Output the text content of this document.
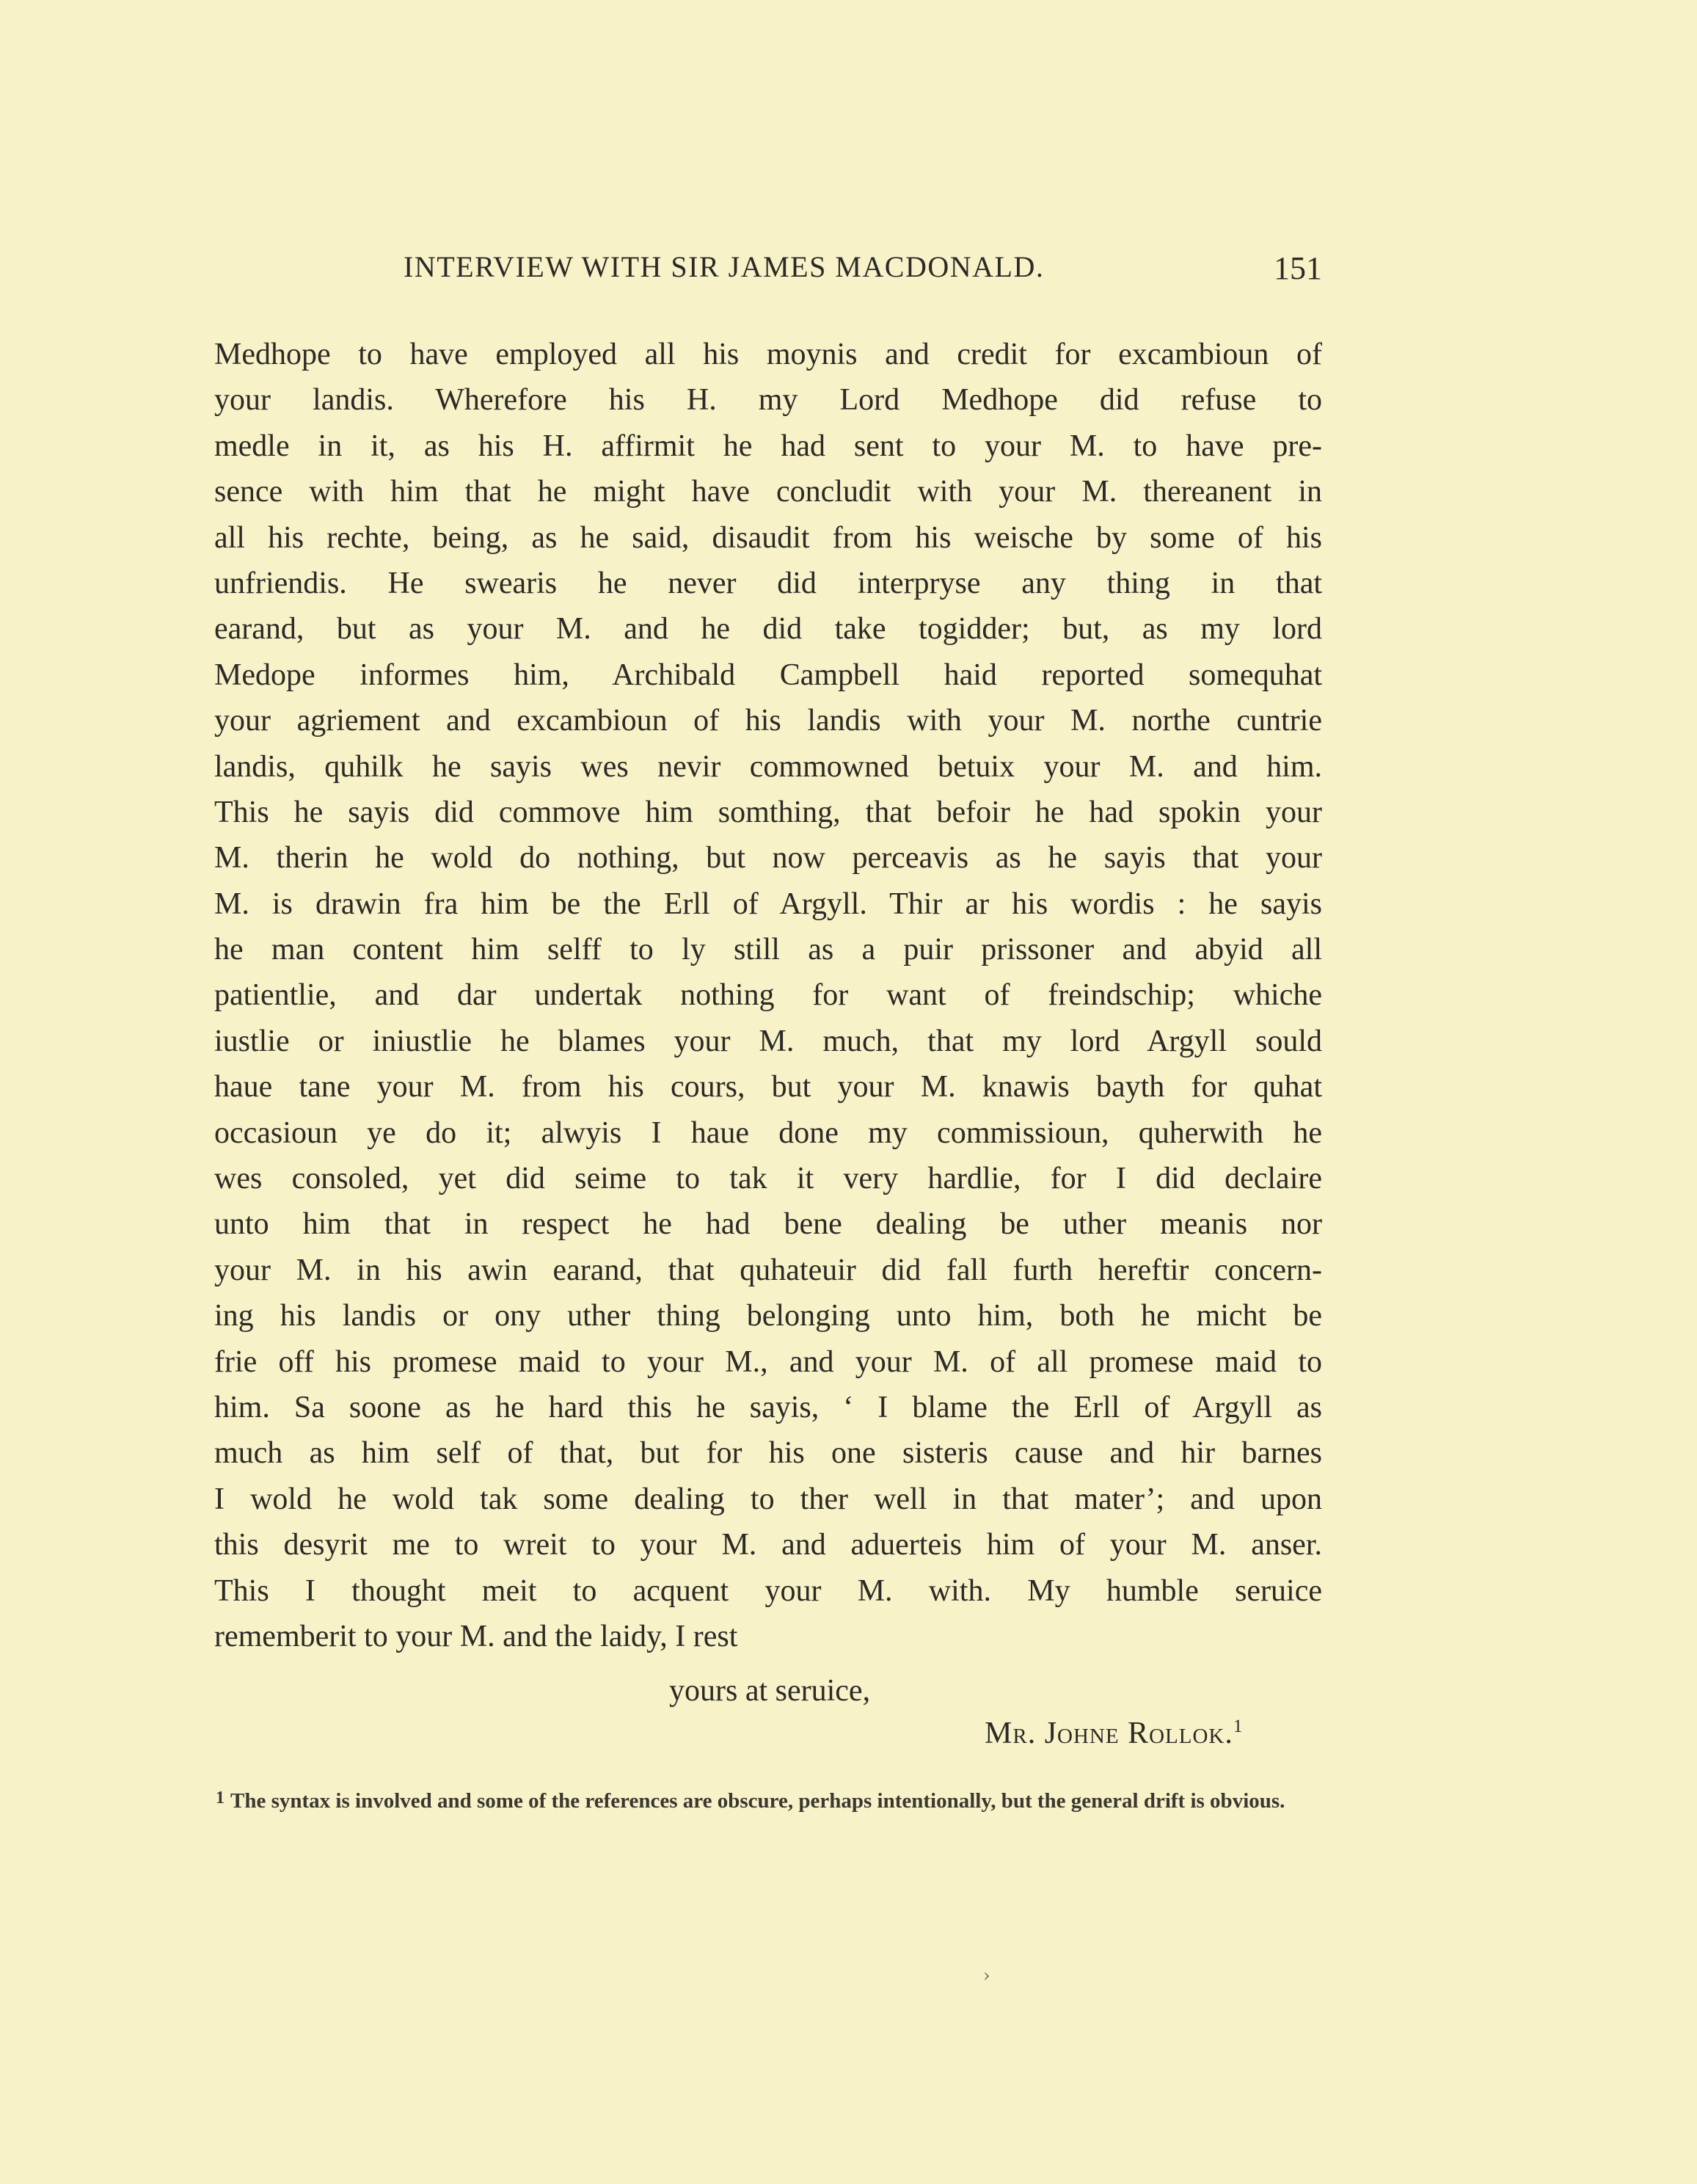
INTERVIEW WITH SIR JAMES MACDONALD.	151
Medhope to have employed all his moynis and credit for excambioun of
your landis. Wherefore his H. my Lord Medhope did refuse to
medle in it, as his H. affirmit he had sent to your M. to have pre-
sence with him that he might have concludit with your M. thereanent in
all his rechte, being, as he said, disaudit from his weische by some of his
unfriendis. He swearis he never did interpryse any thing in that
earand, but as your M. and he did take togidder; but, as my lord
Medope informes him, Archibald Campbell haid reported somequhat
your agriement and excambioun of his landis with your M. northe cuntrie
landis, quhilk he sayis wes nevir commowned betuix your M. and him.
This he sayis did commove him somthing, that befoir he had spokin your
M. therin he wold do nothing, but now perceavis as he sayis that your
M. is drawin fra him be the Erll of Argyll. Thir ar his wordis : he sayis
he man content him selff to ly still as a puir prissoner and abyid all
patientlie, and dar undertak nothing for want of freindschip; whiche
iustlie or iniustlie he blames your M. much, that my lord Argyll sould
haue tane your M. from his cours, but your M. knawis bayth for quhat
occasioun ye do it; alwyis I haue done my commissioun, quherwith he
wes consoled, yet did seime to tak it very hardlie, for I did declaire
unto him that in respect he had bene dealing be uther meanis nor
your M. in his awin earand, that quhateuir did fall furth hereftir concern-
ing his landis or ony uther thing belonging unto him, both he micht be
frie off his promese maid to your M., and your M. of all promese maid to
him. Sa soone as he hard this he sayis, ‘ I blame the Erll of Argyll as
much as him self of that, but for his one sisteris cause and hir barnes
I wold he wold tak some dealing to ther well in that mater’; and upon
this desyrit me to wreit to your M. and aduerteis him of your M. anser.
This I thought meit to acquent your M. with. My humble seruice
rememberit to your M. and the laidy, I rest
yours at seruice,
Mr. Johne Rollok.$^1$
1 The syntax is involved and some of the references are obscure, perhaps intentionally, but the general drift is obvious.
›
